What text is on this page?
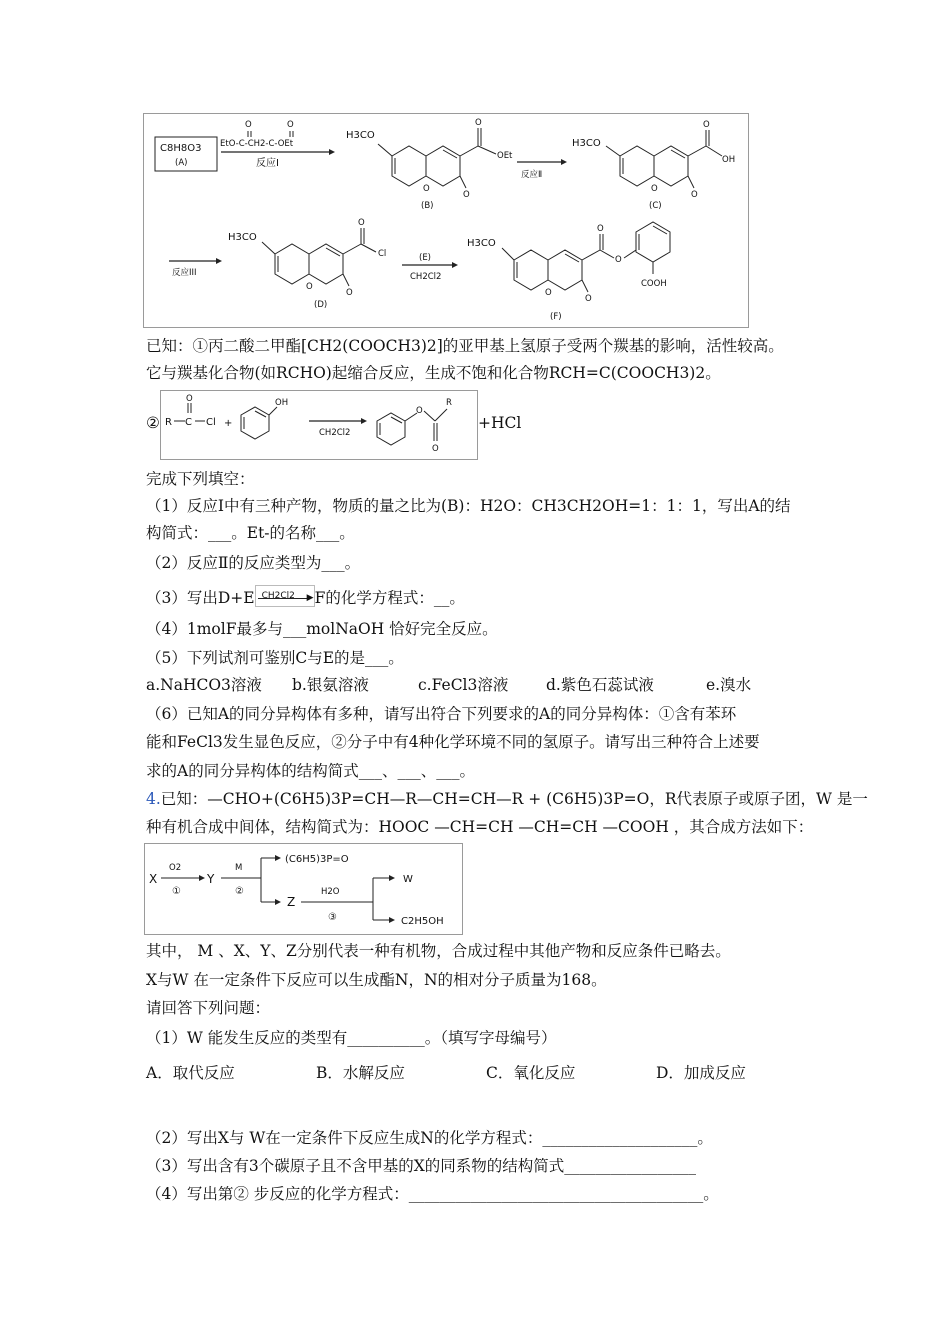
C8H8O3
(A)
EtO-C-CH2-C-OEt
O	O
反应I
H3CO
O
OEt
O
O
(B)
反应Ⅱ
H3CO
O
OH
O
O
(C)
反应III
H3CO
O
Cl
O
O
(D)
(E)
CH2Cl2
H3CO
O
O
COOH
O
O
(F)
已知：①丙二酸二甲酯[CH2(COOCH3)2]的亚甲基上氢原子受两个羰基的影响，活性较高。
它与羰基化合物(如RCHO)起缩合反应，生成不饱和化合物RCH=C(COOCH3)2。
② R C
O
Cl +
OH
CH2Cl2
O
R
O
+HCl
完成下列填空：
（1）反应Ⅰ中有三种产物，物质的量之比为(B)：H2O：CH3CH2OH=1：1：1，写出A的结
构简式：___。Et-的名称___。
（2）反应Ⅱ的反应类型为___。
（3）写出D+E CH2Cl2 ▶ F的化学方程式：__。
（4）1molF最多与___molNaOH 恰好完全反应。
（5）下列试剂可鉴别C与E的是___。
a.NaHCO3溶液 b.银氨溶液	c.FeCl3溶液 d.紫色石蕊试液	e.溴水
（6）已知A的同分异构体有多种，请写出符合下列要求的A的同分异构体：①含有苯环
能和FeCl3发生显色反应，②分子中有4种化学环境不同的氢原子。请写出三种符合上述要
求的A的同分异构体的结构简式___、___、___。
4.已知：—CHO+(C6H5)3P=CH—R—CH=CH—R + (C6H5)3P=O，R代表原子或原子团，W 是一
种有机合成中间体，结构简式为：HOOC —CH=CH —CH=CH —COOH ，其合成方法如下：
X
O2
①
Y
M
②
(C6H5)3P=O
Z
H2O
③
W
C2H5OH
其中， M 、X、Y、Z分别代表一种有机物，合成过程中其他产物和反应条件已略去。
X与W 在一定条件下反应可以生成酯N，N的相对分子质量为168。
请回答下列问题：
（1）W 能发生反应的类型有__________。（填写字母编号）
A．取代反应	B．水解反应	C．氧化反应	D．加成反应
（2）写出X与 W在一定条件下反应生成N的化学方程式：____________________。
（3）写出含有3个碳原子且不含甲基的X的同系物的结构简式_________________
（4）写出第② 步反应的化学方程式：______________________________________。
